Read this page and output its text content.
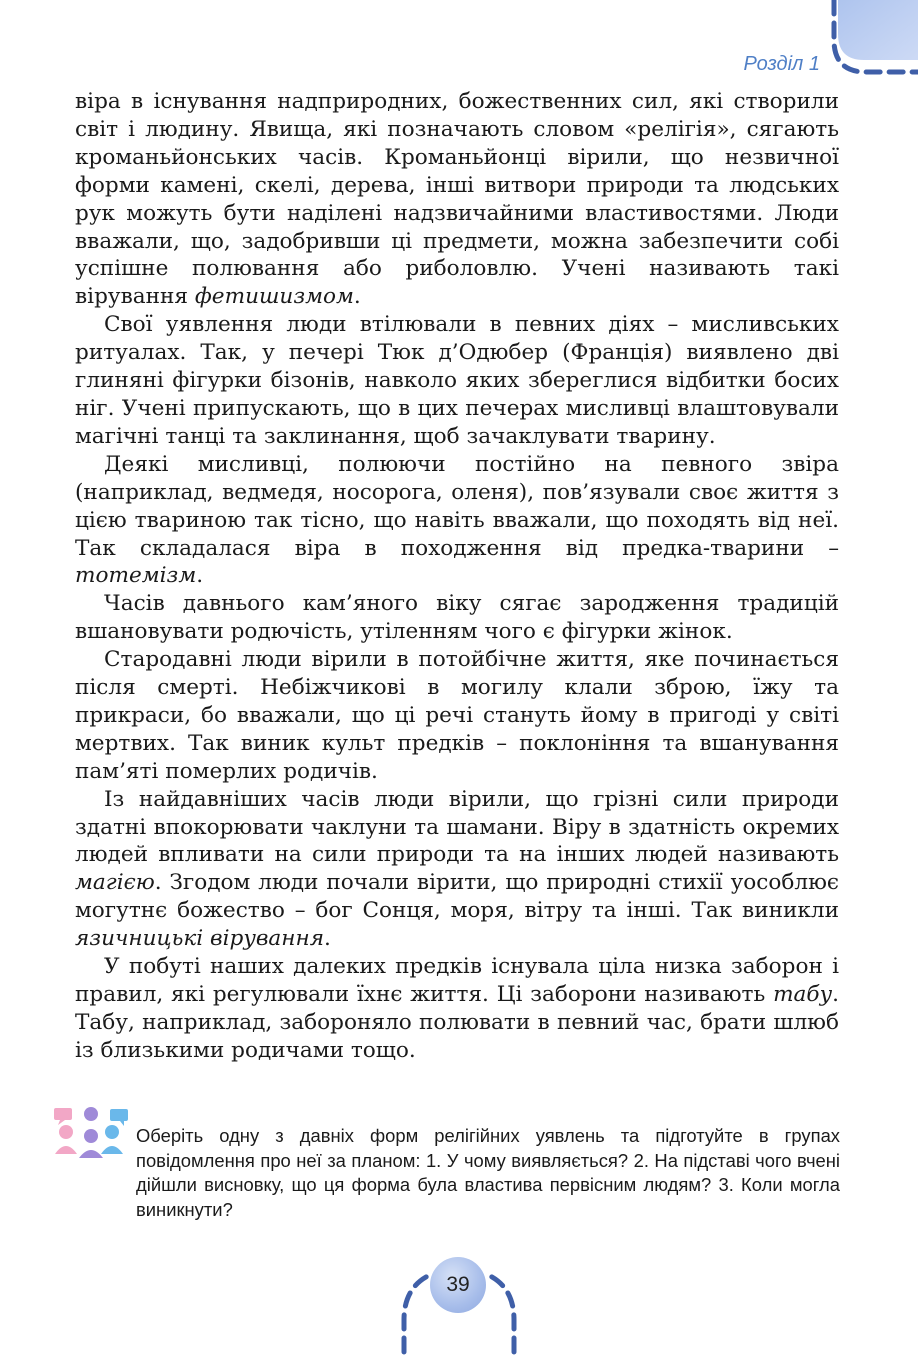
Розділ 1

віра в існування надприродних, божественних сил, які створили світ і людину. Явища, які позначають словом «релігія», сягають кроманьйонських часів. Кроманьйонці вірили, що незвичної форми камені, скелі, дерева, інші витвори природи та людських рук можуть бути наділені надзвичайними властивостями. Люди вважали, що, задобривши ці предмети, можна забезпечити собі успішне полювання або риболовлю. Учені називають такі вірування фетишизмом.

Свої уявлення люди втілювали в певних діях – мисливських ритуалах. Так, у печері Тюк д’Одюбер (Франція) виявлено дві глиняні фігурки бізонів, навколо яких збереглися відбитки босих ніг. Учені припускають, що в цих печерах мисливці влаштовували магічні танці та заклинання, щоб зачаклувати тварину.

Деякі мисливці, полюючи постійно на певного звіра (наприклад, ведмедя, носорога, оленя), пов’язували своє життя з цією твариною так тісно, що навіть вважали, що походять від неї. Так складалася віра в походження від предка-тварини – тотемізм.

Часів давнього кам’яного віку сягає зародження традицій вшановувати родючість, утіленням чого є фігурки жінок.

Стародавні люди вірили в потойбічне життя, яке починається після смерті. Небіжчикові в могилу клали зброю, їжу та прикраси, бо вважали, що ці речі стануть йому в пригоді у світі мертвих. Так виник культ предків – поклоніння та вшанування пам’яті померлих родичів.

Із найдавніших часів люди вірили, що грізні сили природи здатні впокорювати чаклуни та шамани. Віру в здатність окремих людей впливати на сили природи та на інших людей називають магією. Згодом люди почали вірити, що природні стихії уособлює могутнє божество – бог Сонця, моря, вітру та інші. Так виникли язичницькі вірування.

У побуті наших далеких предків існувала ціла низка заборон і правил, які регулювали їхнє життя. Ці заборони називають табу. Табу, наприклад, забороняло полювати в певний час, брати шлюб із близькими родичами тощо.

Оберіть одну з давніх форм релігійних уявлень та підготуйте в групах повідомлення про неї за планом: 1. У чому виявляється? 2. На підставі чого вчені дійшли висновку, що ця форма була властива первісним людям? 3. Коли могла виникнути?
39
